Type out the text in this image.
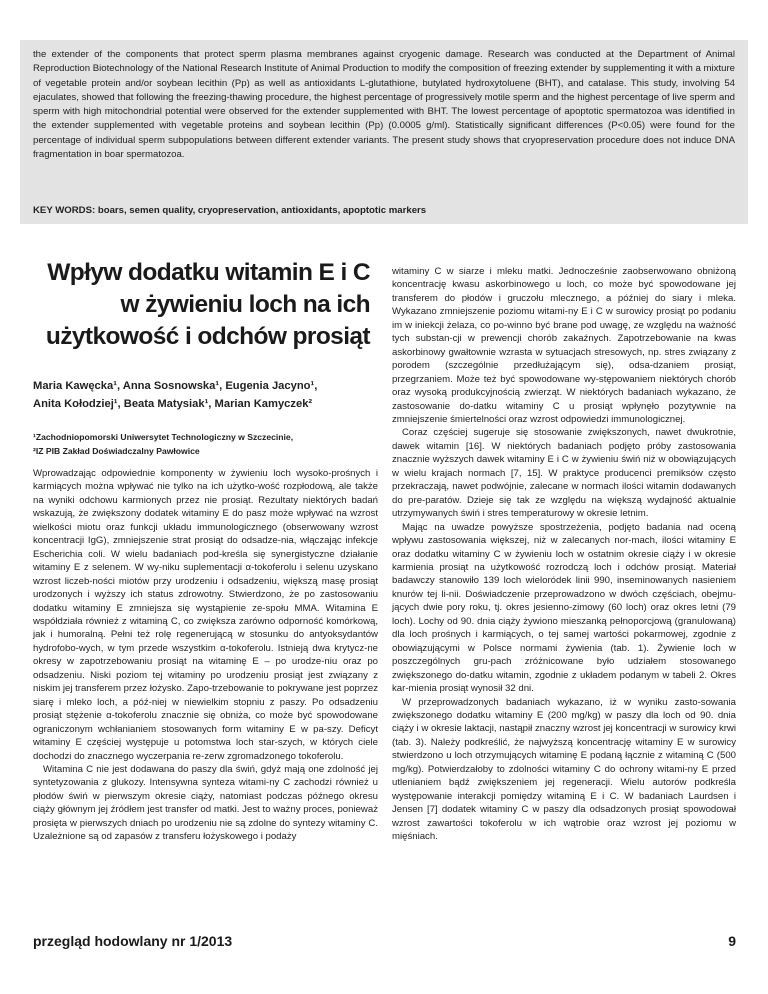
the extender of the components that protect sperm plasma membranes against cryogenic damage. Research was conducted at the Department of Animal Reproduction Biotechnology of the National Research Institute of Animal Production to modify the composition of freezing extender by supplementing it with a mixture of vegetable protein and/or soybean lecithin (Pp) as well as antioxidants L-glutathione, butylated hydroxytoluene (BHT), and catalase. This study, involving 54 ejaculates, showed that following the freezing-thawing procedure, the highest percentage of progressively motile sperm and the highest percentage of live sperm and sperm with high mitochondrial potential were observed for the extender supplemented with BHT. The lowest percentage of apoptotic spermatozoa was identified in the extender supplemented with vegetable proteins and soybean lecithin (Pp) (0.0005 g/ml). Statistically significant differences (P<0.05) were found for the percentage of individual sperm subpopulations between different extender variants. The present study shows that cryopreservation procedure does not induce DNA fragmentation in boar spermatozoa.

KEY WORDS: boars, semen quality, cryopreservation, antioxidants, apoptotic markers

Wpływ dodatku witamin E i C w żywieniu loch na ich użytkowość i odchów prosiąt
Maria Kawęcka¹, Anna Sosnowska¹, Eugenia Jacyno¹,
Anita Kołodziej¹, Beata Matysiak¹, Marian Kamyczek²
¹Zachodniopomorski Uniwersytet Technologiczny w Szczecinie,
²IZ PIB Zakład Doświadczalny Pawłowice

Wprowadzając odpowiednie komponenty w żywieniu loch wysoko-prośnych i karmiących można wpływać nie tylko na ich użytko-wość rozpłodową, ale także na wyniki odchowu karmionych przez nie prosiąt. Rezultaty niektórych badań wskazują, że zwiększony dodatek witaminy E do pasz może wpływać na wzrost wielkości miotu oraz funkcji układu immunologicznego (obserwowany wzrost koncentracji IgG), zmniejszenie strat prosiąt do odsadze-nia, włączając infekcje Escherichia coli. W wielu badaniach pod-kreśla się synergistyczne działanie witaminy E z selenem. W wy-niku suplementacji α-tokoferolu i selenu uzyskano wzrost liczeb-ności miotów przy urodzeniu i odsadzeniu, większą masę prosiąt urodzonych i wyższy ich status zdrowotny. Stwierdzono, że po zastosowaniu dodatku witaminy E zmniejsza się wystąpienie ze-społu MMA. Witamina E współdziała również z witaminą C, co zwiększa zarówno odporność komórkową, jak i humoralną. Pełni też rolę regenerującą w stosunku do antyoksydantów hydrofobo-wych, w tym przede wszystkim α-tokoferolu. Istnieją dwa krytycz-ne okresy w zapotrzebowaniu prosiąt na witaminę E – po urodze-niu oraz po odsadzeniu. Niski poziom tej witaminy po urodzeniu prosiąt jest związany z niskim jej transferem przez łożysko. Zapo-trzebowanie to pokrywane jest poprzez siarę i mleko loch, a póź-niej w niewielkim stopniu z paszy. Po odsadzeniu prosiąt stężenie α-tokoferolu znacznie się obniża, co może być spowodowane ograniczonym wchłanianiem stosowanych form witaminy E w pa-szy. Deficyt witaminy E częściej występuje u potomstwa loch star-szych, w których ciele dochodzi do znacznego wyczerpania re-zerw zgromadzonego tokoferolu.

Witamina C nie jest dodawana do paszy dla świń, gdyż mają one zdolność jej syntetyzowania z glukozy. Intensywna synteza witami-ny C zachodzi również u płodów świń w pierwszym okresie ciąży, natomiast podczas późnego okresu ciąży głównym jej źródłem jest transfer od matki. Jest to ważny proces, ponieważ prosięta w pierwszych dniach po urodzeniu nie są zdolne do syntezy witaminy C. Uzależnione są od zapasów z transferu łożyskowego i podaży

witaminy C w siarze i mleku matki. Jednocześnie zaobserwowano obniżoną koncentrację kwasu askorbinowego u loch, co może być spowodowane jej transferem do płodów i gruczołu mlecznego, a później do siary i mleka. Wykazano zmniejszenie poziomu witami-ny E i C w surowicy prosiąt po podaniu im w iniekcji żelaza, co po-winno być brane pod uwagę, ze względu na ważność tych substan-cji w prewencji chorób zakaźnych. Zapotrzebowanie na kwas askorbinowy gwałtownie wzrasta w sytuacjach stresowych, np. stres związany z porodem (szczególnie przedłużającym się), odsa-dzaniem prosiąt, przegrzaniem. Może też być spowodowane wy-stępowaniem niektórych chorób oraz wysoką produkcyjnością zwierząt. W niektórych badaniach wykazano, że zastosowanie do-datku witaminy C u prosiąt wpłynęło pozytywnie na zmniejszenie śmiertelności oraz wzrost odpowiedzi immunologicznej.

Coraz częściej sugeruje się stosowanie zwiększonych, nawet dwukrotnie, dawek witamin [16]. W niektórych badaniach podjęto próby zastosowania znacznie wyższych dawek witaminy E i C w żywieniu świń niż w obowiązujących w wielu krajach normach [7, 15]. W praktyce producenci premiksów często przekraczają, nawet podwójnie, zalecane w normach ilości witamin dodawanych do pre-paratów. Dzieje się tak ze względu na większą wydajność aktualnie utrzymywanych świń i stres temperaturowy w okresie letnim.

Mając na uwadze powyższe spostrzeżenia, podjęto badania nad oceną wpływu zastosowania większej, niż w zalecanych nor-mach, ilości witaminy E oraz dodatku witaminy C w żywieniu loch w ostatnim okresie ciąży i w okresie karmienia prosiąt na użytkowość rozrodczą loch i odchów prosiąt. Materiał badawczy stanowiło 139 loch wieloródek linii 990, inseminowanych nasieniem knurów tej li-nii. Doświadczenie przeprowadzono w dwóch częściach, obejmu-jących dwie pory roku, tj. okres jesienno-zimowy (60 loch) oraz okres letni (79 loch). Lochy od 90. dnia ciąży żywiono mieszanką pełnoporcjową (granulowaną) dla loch prośnych i karmiących, o tej samej wartości pokarmowej, zgodnie z obowiązującymi w Polsce normami żywienia (tab. 1). Żywienie loch w poszczególnych gru-pach zróżnicowane było udziałem stosowanego zwiększonego do-datku witamin, zgodnie z układem podanym w tabeli 2. Okres kar-mienia prosiąt wynosił 32 dni.

W przeprowadzonych badaniach wykazano, iż w wyniku zasto-sowania zwiększonego dodatku witaminy E (200 mg/kg) w paszy dla loch od 90. dnia ciąży i w okresie laktacji, nastąpił znaczny wzrost jej koncentracji w surowicy krwi (tab. 3). Należy podkreślić, że najwyższą koncentrację witaminy E w surowicy stwierdzono u loch otrzymujących witaminę E podaną łącznie z witaminą C (500 mg/kg). Potwierdzałoby to zdolności witaminy C do ochrony witami-ny E przed utlenianiem bądź zwiększeniem jej regeneracji. Wielu autorów podkreśla występowanie interakcji pomiędzy witaminą E i C. W badaniach Laurdsen i Jensen [7] dodatek witaminy C w paszy dla odsadzonych prosiąt spowodował wzrost zawartości tokoferolu w ich wątrobie oraz wzrost jej poziomu w mięśniach.

przegląd hodowlany nr 1/2013	9
